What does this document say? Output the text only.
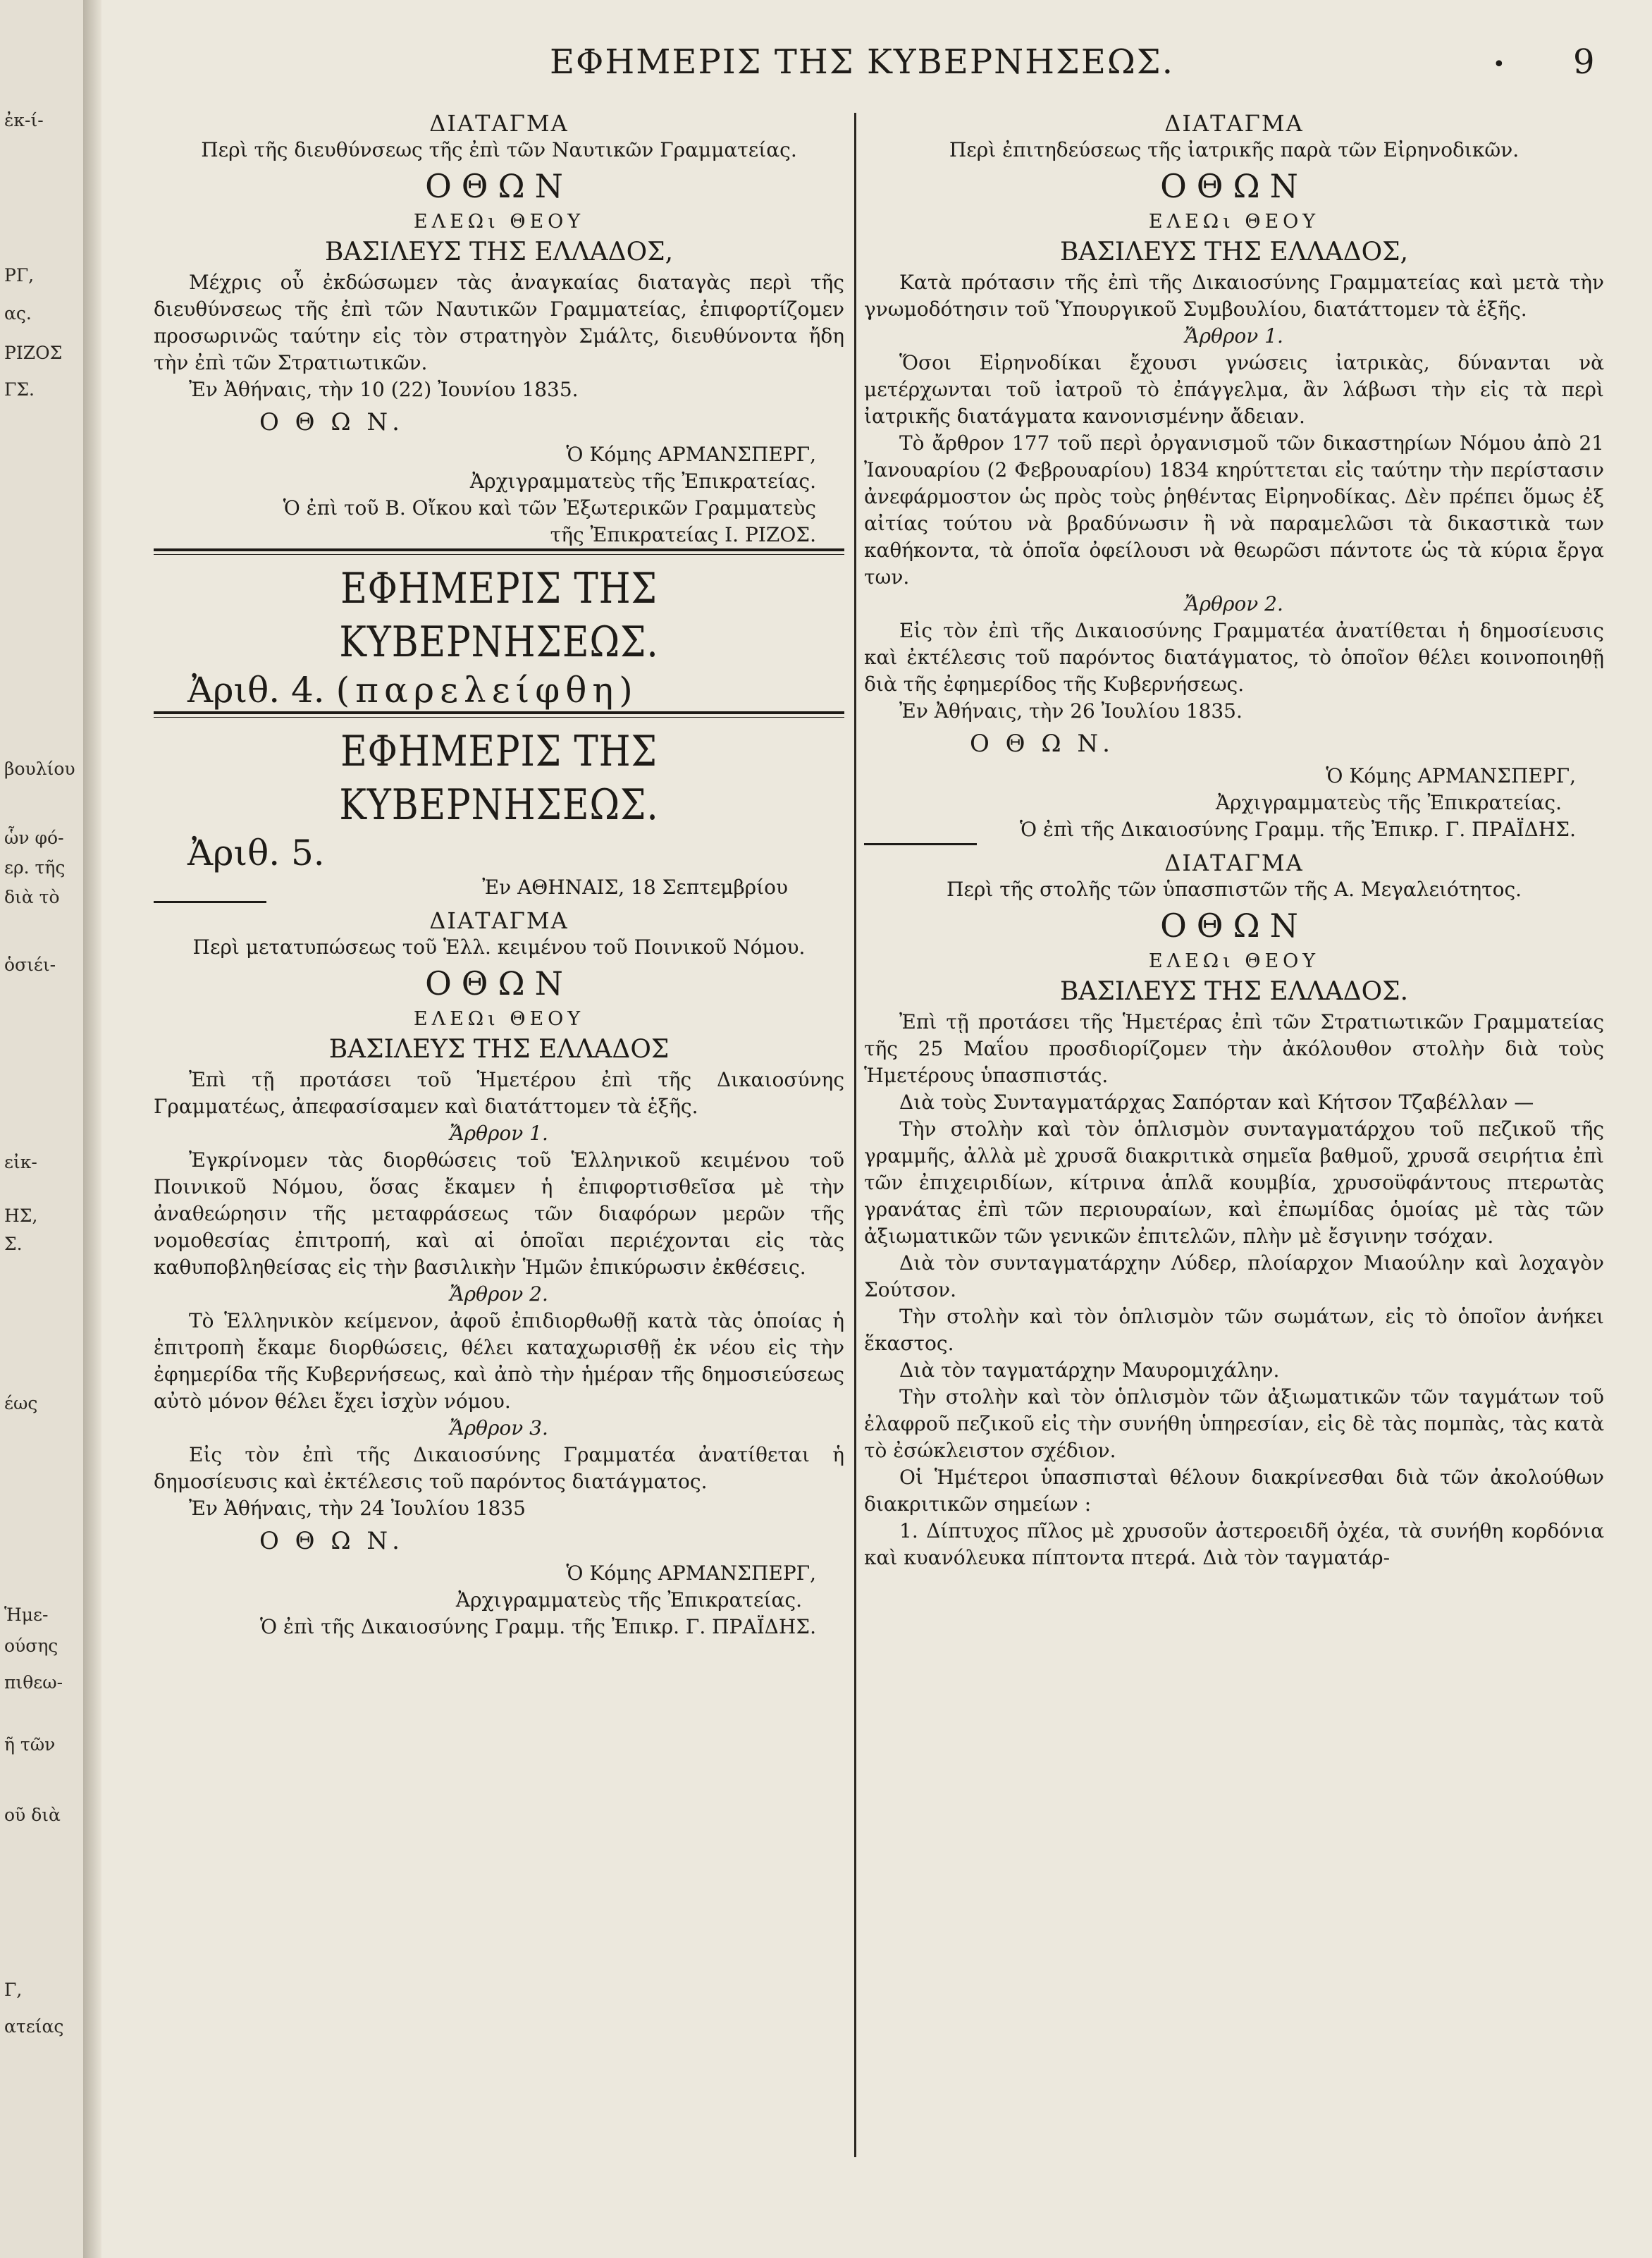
ἐκ-ί-
ΡΓ,
ας.
ΡΙΖΟΣ
ΓΣ.
βουλίου
ὧν φό-
ερ. τῆς
διὰ τὸ
ὁσιέι-
εἰκ-
ΗΣ,
Σ.
έως
Ἡμε-
ούσης
πιθεω-
ῆ τῶν
οῦ διὰ
Γ,
ατείας
ΕΦΗΜΕΡΙΣ ΤΗΣ ΚΥΒΕΡΝΗΣΕΩΣ.	• 9
ΔΙΑΤΑΓΜΑ
Περὶ τῆς διευθύνσεως τῆς ἐπὶ τῶν Ναυτικῶν Γραμματείας.
ΟΘΩΝ
ΕΛΕΩι ΘΕΟΥ
ΒΑΣΙΛΕΥΣ ΤΗΣ ΕΛΛΑΔΟΣ,

Μέχρις οὗ ἐκδώσωμεν τὰς ἀναγκαίας διαταγὰς περὶ τῆς διευθύνσεως τῆς ἐπὶ τῶν Ναυτικῶν Γραμματείας, ἐπιφορτίζομεν προσωρινῶς ταύτην εἰς τὸν στρατηγὸν Σμάλτς, διευθύνοντα ἤδη τὴν ἐπὶ τῶν Στρατιωτικῶν.

Ἐν Ἀθήναις, τὴν 10 (22) Ἰουνίου 1835.

Ο Θ Ω Ν.
Ὁ Κόμης ΑΡΜΑΝΣΠΕΡΓ,
Ἀρχιγραμματεὺς τῆς Ἐπικρατείας.
Ὁ ἐπὶ τοῦ Β. Οἴκου καὶ τῶν Ἐξωτερικῶν Γραμματεὺς
τῆς Ἐπικρατείας Ι. ΡΙΖΟΣ.
ΕΦΗΜΕΡΙΣ ΤΗΣ ΚΥΒΕΡΝΗΣΕΩΣ.
Ἀριθ. 4. (παρελείφθη)
ΕΦΗΜΕΡΙΣ ΤΗΣ ΚΥΒΕΡΝΗΣΕΩΣ.
Ἀριθ. 5.
Ἐν ΑΘΗΝΑΙΣ, 18 Σεπτεμβρίου
ΔΙΑΤΑΓΜΑ
Περὶ μετατυπώσεως τοῦ Ἑλλ. κειμένου τοῦ Ποινικοῦ Νόμου.
ΟΘΩΝ
ΕΛΕΩι ΘΕΟΥ
ΒΑΣΙΛΕΥΣ ΤΗΣ ΕΛΛΑΔΟΣ

Ἐπὶ τῇ προτάσει τοῦ Ἡμετέρου ἐπὶ τῆς Δικαιοσύνης Γραμματέως, ἀπεφασίσαμεν καὶ διατάττομεν τὰ ἑξῆς.

Ἄρθρον 1.

Ἐγκρίνομεν τὰς διορθώσεις τοῦ Ἑλληνικοῦ κειμένου τοῦ Ποινικοῦ Νόμου, ὅσας ἔκαμεν ἡ ἐπιφορτισθεῖσα μὲ τὴν ἀναθεώρησιν τῆς μεταφράσεως τῶν διαφόρων μερῶν τῆς νομοθεσίας ἐπιτροπή, καὶ αἱ ὁποῖαι περιέχονται εἰς τὰς καθυποβληθείσας εἰς τὴν βασιλικὴν Ἡμῶν ἐπικύρωσιν ἐκθέσεις.

Ἄρθρον 2.

Τὸ Ἑλληνικὸν κείμενον, ἀφοῦ ἐπιδιορθωθῇ κατὰ τὰς ὁποίας ἡ ἐπιτροπὴ ἔκαμε διορθώσεις, θέλει καταχωρισθῇ ἐκ νέου εἰς τὴν ἐφημερίδα τῆς Κυβερνήσεως, καὶ ἀπὸ τὴν ἡμέραν τῆς δημοσιεύσεως αὐτὸ μόνον θέλει ἔχει ἰσχὺν νόμου.

Ἄρθρον 3.

Εἰς τὸν ἐπὶ τῆς Δικαιοσύνης Γραμματέα ἀνατίθεται ἡ δημοσίευσις καὶ ἐκτέλεσις τοῦ παρόντος διατάγματος.

Ἐν Ἀθήναις, τὴν 24 Ἰουλίου 1835

Ο Θ Ω Ν.
Ὁ Κόμης ΑΡΜΑΝΣΠΕΡΓ,
Ἀρχιγραμματεὺς τῆς Ἐπικρατείας.
Ὁ ἐπὶ τῆς Δικαιοσύνης Γραμμ. τῆς Ἐπικρ. Γ. ΠΡΑΪΔΗΣ.
ΔΙΑΤΑΓΜΑ
Περὶ ἐπιτηδεύσεως τῆς ἰατρικῆς παρὰ τῶν Εἰρηνοδικῶν.
ΟΘΩΝ
ΕΛΕΩι ΘΕΟΥ
ΒΑΣΙΛΕΥΣ ΤΗΣ ΕΛΛΑΔΟΣ,

Κατὰ πρότασιν τῆς ἐπὶ τῆς Δικαιοσύνης Γραμματείας καὶ μετὰ τὴν γνωμοδότησιν τοῦ Ὑπουργικοῦ Συμβουλίου, διατάττομεν τὰ ἑξῆς.

Ἄρθρον 1.

Ὅσοι Εἰρηνοδίκαι ἔχουσι γνώσεις ἰατρικὰς, δύνανται νὰ μετέρχωνται τοῦ ἰατροῦ τὸ ἐπάγγελμα, ἂν λάβωσι τὴν εἰς τὰ περὶ ἰατρικῆς διατάγματα κανονισμένην ἄδειαν.

Τὸ ἄρθρον 177 τοῦ περὶ ὀργανισμοῦ τῶν δικαστηρίων Νόμου ἀπὸ 21 Ἰανουαρίου (2 Φεβρουαρίου) 1834 κηρύττεται εἰς ταύτην τὴν περίστασιν ἀνεφάρμοστον ὡς πρὸς τοὺς ῥηθέντας Εἰρηνοδίκας. Δὲν πρέπει ὅμως ἐξ αἰτίας τούτου νὰ βραδύνωσιν ἢ νὰ παραμελῶσι τὰ δικαστικὰ των καθήκοντα, τὰ ὁποῖα ὀφείλουσι νὰ θεωρῶσι πάντοτε ὡς τὰ κύρια ἔργα των.

Ἄρθρον 2.

Εἰς τὸν ἐπὶ τῆς Δικαιοσύνης Γραμματέα ἀνατίθεται ἡ δημοσίευσις καὶ ἐκτέλεσις τοῦ παρόντος διατάγματος, τὸ ὁποῖον θέλει κοινοποιηθῇ διὰ τῆς ἐφημερίδος τῆς Κυβερνήσεως.

Ἐν Ἀθήναις, τὴν 26 Ἰουλίου 1835.

Ο Θ Ω Ν.
Ὁ Κόμης ΑΡΜΑΝΣΠΕΡΓ,
Ἀρχιγραμματεὺς τῆς Ἐπικρατείας.
Ὁ ἐπὶ τῆς Δικαιοσύνης Γραμμ. τῆς Ἐπικρ. Γ. ΠΡΑΪΔΗΣ.
ΔΙΑΤΑΓΜΑ
Περὶ τῆς στολῆς τῶν ὑπασπιστῶν τῆς Α. Μεγαλειότητος.
ΟΘΩΝ
ΕΛΕΩι ΘΕΟΥ
ΒΑΣΙΛΕΥΣ ΤΗΣ ΕΛΛΑΔΟΣ.

Ἐπὶ τῇ προτάσει τῆς Ἡμετέρας ἐπὶ τῶν Στρατιωτικῶν Γραμματείας τῆς 25 Μαΐου προσδιορίζομεν τὴν ἀκόλουθον στολὴν διὰ τοὺς Ἡμετέρους ὑπασπιστάς.

Διὰ τοὺς Συνταγματάρχας Σαπόρταν καὶ Κήτσον Τζαβέλλαν —

Τὴν στολὴν καὶ τὸν ὁπλισμὸν συνταγματάρχου τοῦ πεζικοῦ τῆς γραμμῆς, ἀλλὰ μὲ χρυσᾶ διακριτικὰ σημεῖα βαθμοῦ, χρυσᾶ σειρήτια ἐπὶ τῶν ἐπιχειριδίων, κίτρινα ἁπλᾶ κουμβία, χρυσοϋφάντους πτερωτὰς γρανάτας ἐπὶ τῶν περιουραίων, καὶ ἐπωμίδας ὁμοίας μὲ τὰς τῶν ἀξιωματικῶν τῶν γενικῶν ἐπιτελῶν, πλὴν μὲ ἔσγινην τσόχαν.

Διὰ τὸν συνταγματάρχην Λύδερ, πλοίαρχον Μιαούλην καὶ λοχαγὸν Σούτσον.

Τὴν στολὴν καὶ τὸν ὁπλισμὸν τῶν σωμάτων, εἰς τὸ ὁποῖον ἀνήκει ἕκαστος.

Διὰ τὸν ταγματάρχην Μαυρομιχάλην.

Τὴν στολὴν καὶ τὸν ὁπλισμὸν τῶν ἀξιωματικῶν τῶν ταγμάτων τοῦ ἐλαφροῦ πεζικοῦ εἰς τὴν συνήθη ὑπηρεσίαν, εἰς δὲ τὰς πομπὰς, τὰς κατὰ τὸ ἐσώκλειστον σχέδιον.

Οἱ Ἡμέτεροι ὑπασπισταὶ θέλουν διακρίνεσθαι διὰ τῶν ἀκολούθων διακριτικῶν σημείων :

1. Δίπτυχος πῖλος μὲ χρυσοῦν ἀστεροειδῆ ὀχέα, τὰ συνήθη κορδόνια καὶ κυανόλευκα πίπτοντα πτερά. Διὰ τὸν ταγματάρ-
